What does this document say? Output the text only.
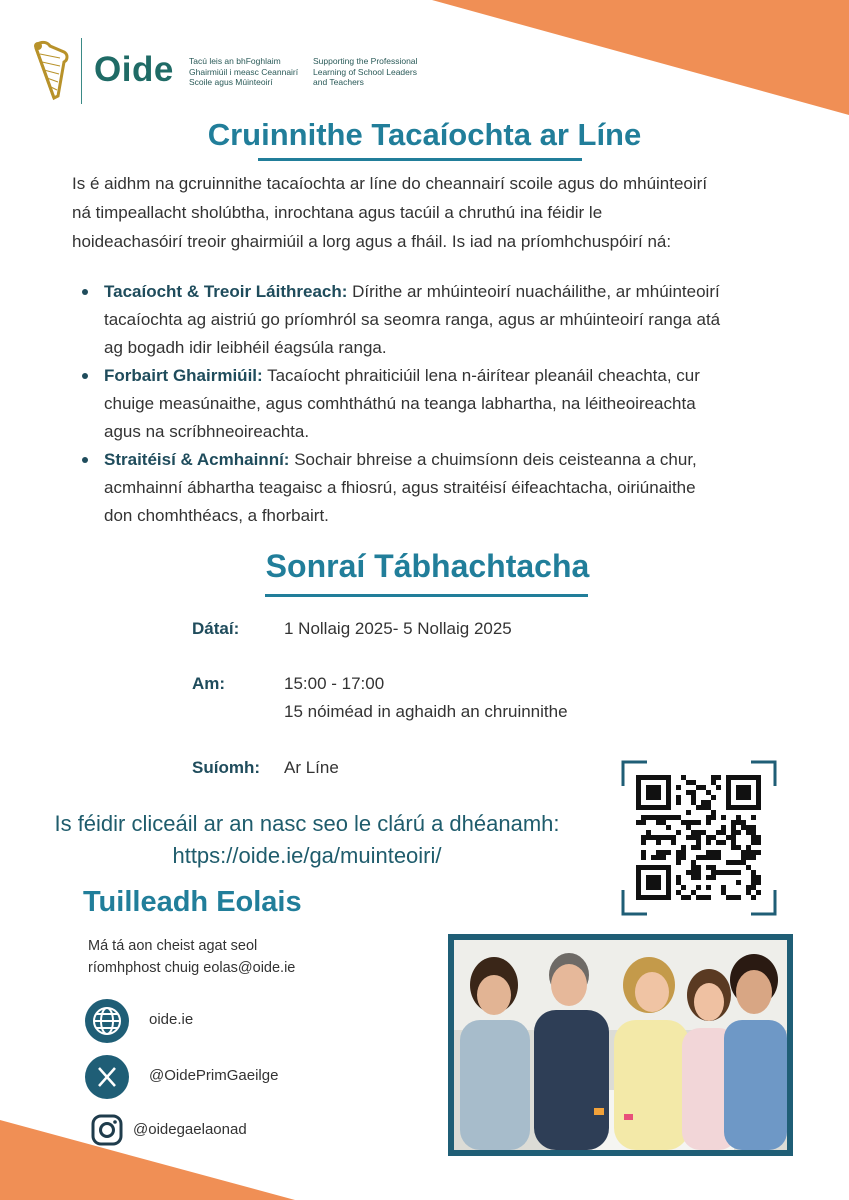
Oide Tacú leis an bhFoghlaim
Ghairmiúil i measc Ceannairí
Scoile agus Múinteoirí
Supporting the Professional
Learning of School Leaders
and Teachers
Cruinnithe Tacaíochta ar Líne
Is é aidhm na gcruinnithe tacaíochta ar líne do cheannairí scoile agus do mhúinteoirí
ná timpeallacht sholúbtha, inrochtana agus tacúil a chruthú ina féidir le
hoideachasóirí treoir ghairmiúil a lorg agus a fháil. Is iad na príomhchuspóirí ná:
Tacaíocht & Treoir Láithreach: Dírithe ar mhúinteoirí nuacháilithe, ar mhúinteoirí
tacaíochta ag aistriú go príomhról sa seomra ranga, agus ar mhúinteoirí ranga atá
ag bogadh idir leibhéil éagsúla ranga.
Forbairt Ghairmiúil: Tacaíocht phraiticiúil lena n-áirítear pleanáil cheachta, cur
chuige measúnaithe, agus comhtháthú na teanga labhartha, na léitheoireachta
agus na scríbhneoireachta.
Straitéisí & Acmhainní: Sochair bhreise a chuimsíonn deis ceisteanna a chur,
acmhainní ábhartha teagaisc a fhiosrú, agus straitéisí éifeachtacha, oiriúnaithe
don chomhthéacs, a fhorbairt.
Sonraí Tábhachtacha
Dátaí:	1 Nollaig 2025- 5 Nollaig 2025
Am:	15:00 - 17:00
15 nóiméad in aghaidh an chruinnithe
Suíomh: Ar Líne
Is féidir cliceáil ar an nasc seo le clárú a dhéanamh:
https://oide.ie/ga/muinteoiri/
Tuilleadh Eolais
Má tá aon cheist agat seol
ríomhphost chuig eolas@oide.ie
oide.ie
@OidePrimGaeilge
@oidegaelaonad
